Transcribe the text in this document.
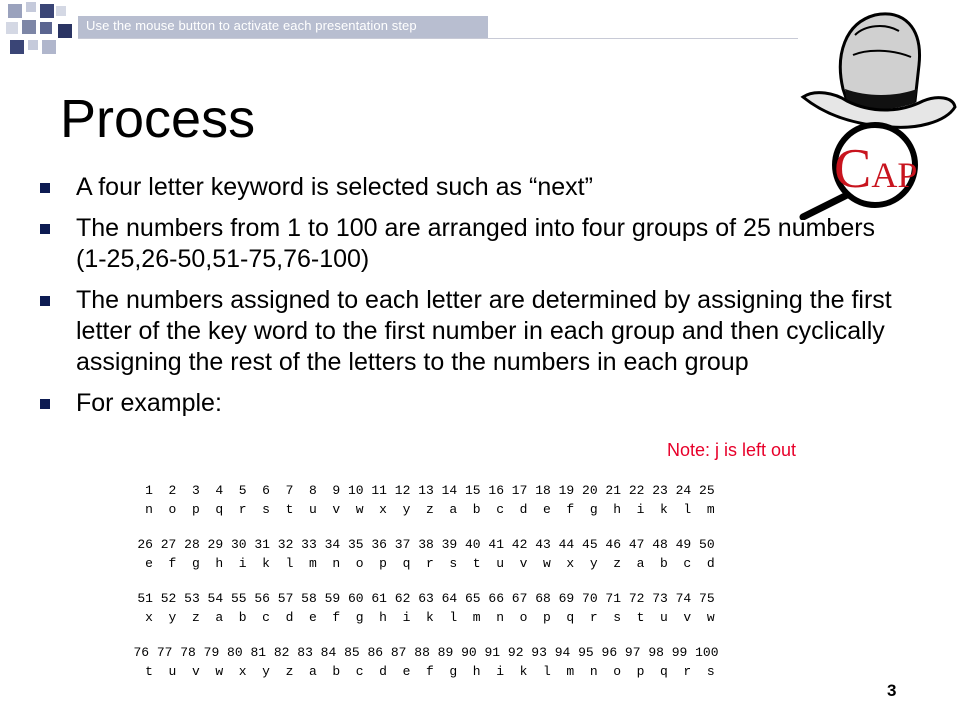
Use the mouse button to activate each presentation step
Process
A four letter keyword is selected such as “next”
The numbers from 1 to 100 are arranged into four groups of 25 numbers (1-25,26-50,51-75,76-100)
The numbers assigned to each letter are determined by assigning the first letter of the key word to the first number in each group and then cyclically assigning the rest of the letters to the numbers in each group
For example:
Note: j is left out
1  2  3  4  5  6  7  8  9 10 11 12 13 14 15 16 17 18 19 20 21 22 23 24 25
n  o  p  q  r  s  t  u  v  w  x  y  z  a  b  c  d  e  f  g  h  i  k  l  m
26 27 28 29 30 31 32 33 34 35 36 37 38 39 40 41 42 43 44 45 46 47 48 49 50
e  f  g  h  i  k  l  m  n  o  p  q  r  s  t  u  v  w  x  y  z  a  b  c  d
51 52 53 54 55 56 57 58 59 60 61 62 63 64 65 66 67 68 69 70 71 72 73 74 75
x  y  z  a  b  c  d  e  f  g  h  i  k  l  m  n  o  p  q  r  s  t  u  v  w
76 77 78 79 80 81 82 83 84 85 86 87 88 89 90 91 92 93 94 95 96 97 98 99 100
t  u  v  w  x  y  z  a  b  c  d  e  f  g  h  i  k  l  m  n  o  p  q  r  s
3
CAP
